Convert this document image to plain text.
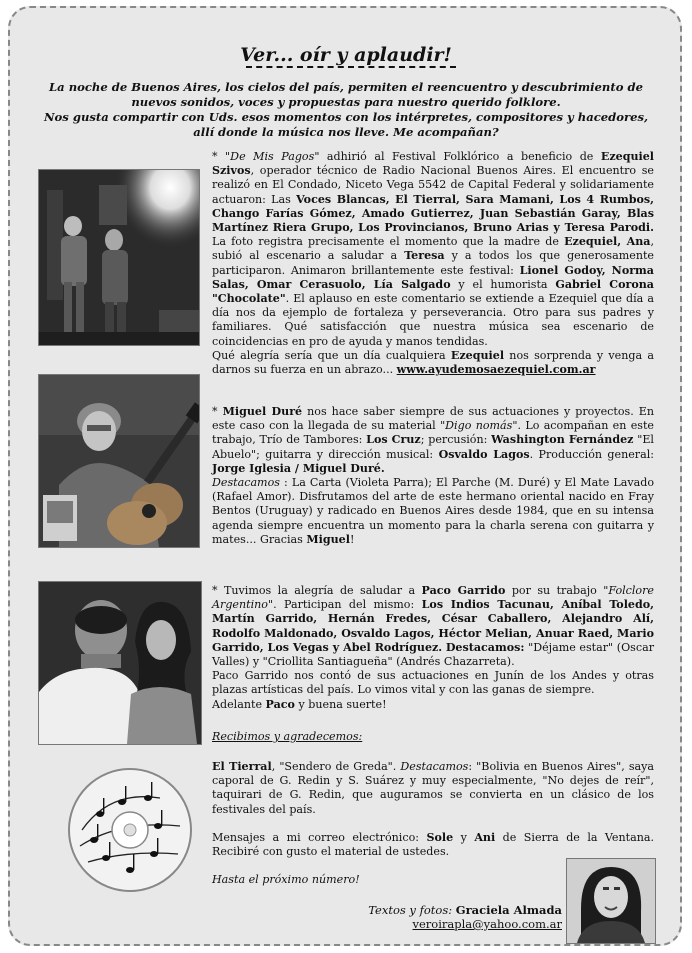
Ver... oír y aplaudir!

La noche de Buenos Aires, los cielos del país, permiten el reencuentro y descubrimiento de nuevos sonidos, voces y propuestas para nuestro querido folklore.

Nos gusta compartir con Uds. esos momentos con los intérpretes, compositores y hacedores, allí donde la música nos lleve. Me acompañan?

* "De Mis Pagos" adhirió al Festival Folklórico a beneficio de Ezequiel Szivos, operador técnico de Radio Nacional Buenos Aires. El encuentro se realizó en El Condado, Niceto Vega 5542 de Capital Federal y solidariamente actuaron: Las Voces Blancas, El Tierral, Sara Mamani, Los 4 Rumbos, Chango Farías Gómez, Amado Gutierrez, Juan Sebastián Garay, Blas Martínez Riera Grupo, Los Provincianos, Bruno Arias y Teresa Parodi. La foto registra precisamente el momento que la madre de Ezequiel, Ana, subió al escenario a saludar a Teresa y a todos los que generosamente participaron. Animaron brillantemente este festival: Lionel Godoy, Norma Salas, Omar Cerasuolo, Lía Salgado y el humorista Gabriel Corona "Chocolate". El aplauso en este comentario se extiende a Ezequiel que día a día nos da ejemplo de fortaleza y perseverancia. Otro para sus padres y familiares. Qué satisfacción que nuestra música sea escenario de coincidencias en pro de ayuda y manos tendidas.

Qué alegría sería que un día cualquiera Ezequiel nos sorprenda y venga a darnos su fuerza en un abrazo... www.ayudemosaezequiel.com.ar

* Miguel Duré nos hace saber siempre de sus actuaciones y proyectos. En este caso con la llegada de su material "Digo nomás". Lo acompañan en este trabajo, Trío de Tambores: Los Cruz; percusión: Washington Fernández "El Abuelo"; guitarra y dirección musical: Osvaldo Lagos. Producción general: Jorge Iglesia / Miguel Duré.

Destacamos : La Carta (Violeta Parra); El Parche (M. Duré) y El Mate Lavado (Rafael Amor). Disfrutamos del arte de este hermano oriental nacido en Fray Bentos (Uruguay) y radicado en Buenos Aires desde 1984, que en su intensa agenda siempre encuentra un momento para la charla serena con guitarra y mates... Gracias Miguel!

* Tuvimos la alegría de saludar a Paco Garrido por su trabajo "Folclore Argentino". Participan del mismo: Los Indios Tacunau, Aníbal Toledo, Martín Garrido, Hernán Fredes, César Caballero, Alejandro Alí, Rodolfo Maldonado, Osvaldo Lagos, Héctor Melian, Anuar Raed, Mario Garrido, Los Vegas y Abel Rodríguez. Destacamos: "Déjame estar" (Oscar Valles) y "Criollita Santiagueña" (Andrés Chazarreta).

Paco Garrido nos contó de sus actuaciones en Junín de los Andes y otras plazas artísticas del país. Lo vimos vital y con las ganas de siempre.

Adelante Paco y buena suerte!

Recibimos y agradecemos:

El Tierral, "Sendero de Greda". Destacamos: "Bolivia en Buenos Aires", saya caporal de G. Redin y S. Suárez y muy especialmente, "No dejes de reír", taquirari de G. Redin, que auguramos se convierta en un clásico de los festivales del país.

Mensajes a mi correo electrónico: Sole y Ani de Sierra de la Ventana. Recibiré con gusto el material de ustedes.

Hasta el próximo número!

Textos y fotos: Graciela Almada
veroirapla@yahoo.com.ar
